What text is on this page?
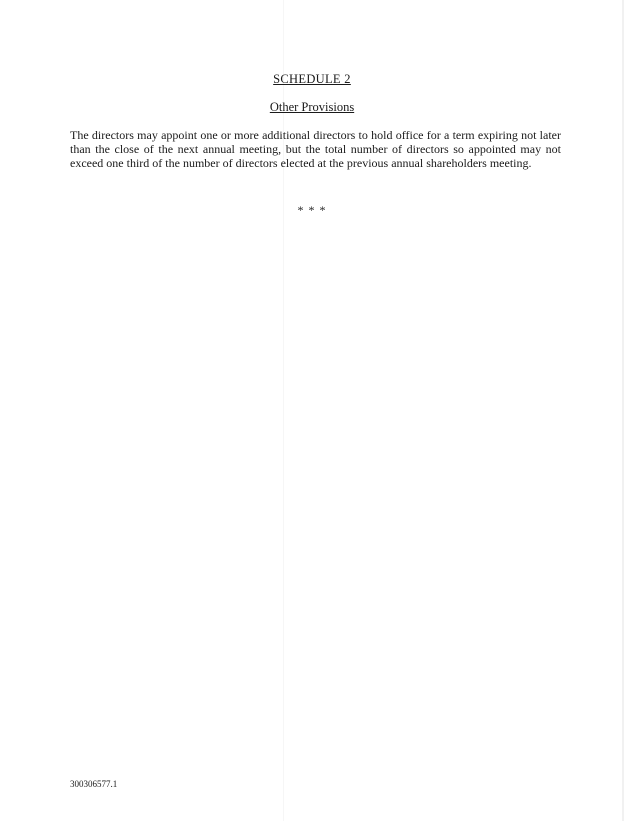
SCHEDULE 2
Other Provisions

The directors may appoint one or more additional directors to hold office for a term expiring not later than the close of the next annual meeting, but the total number of directors so appointed may not exceed one third of the number of directors elected at the previous annual shareholders meeting.

* * *
300306577.1
